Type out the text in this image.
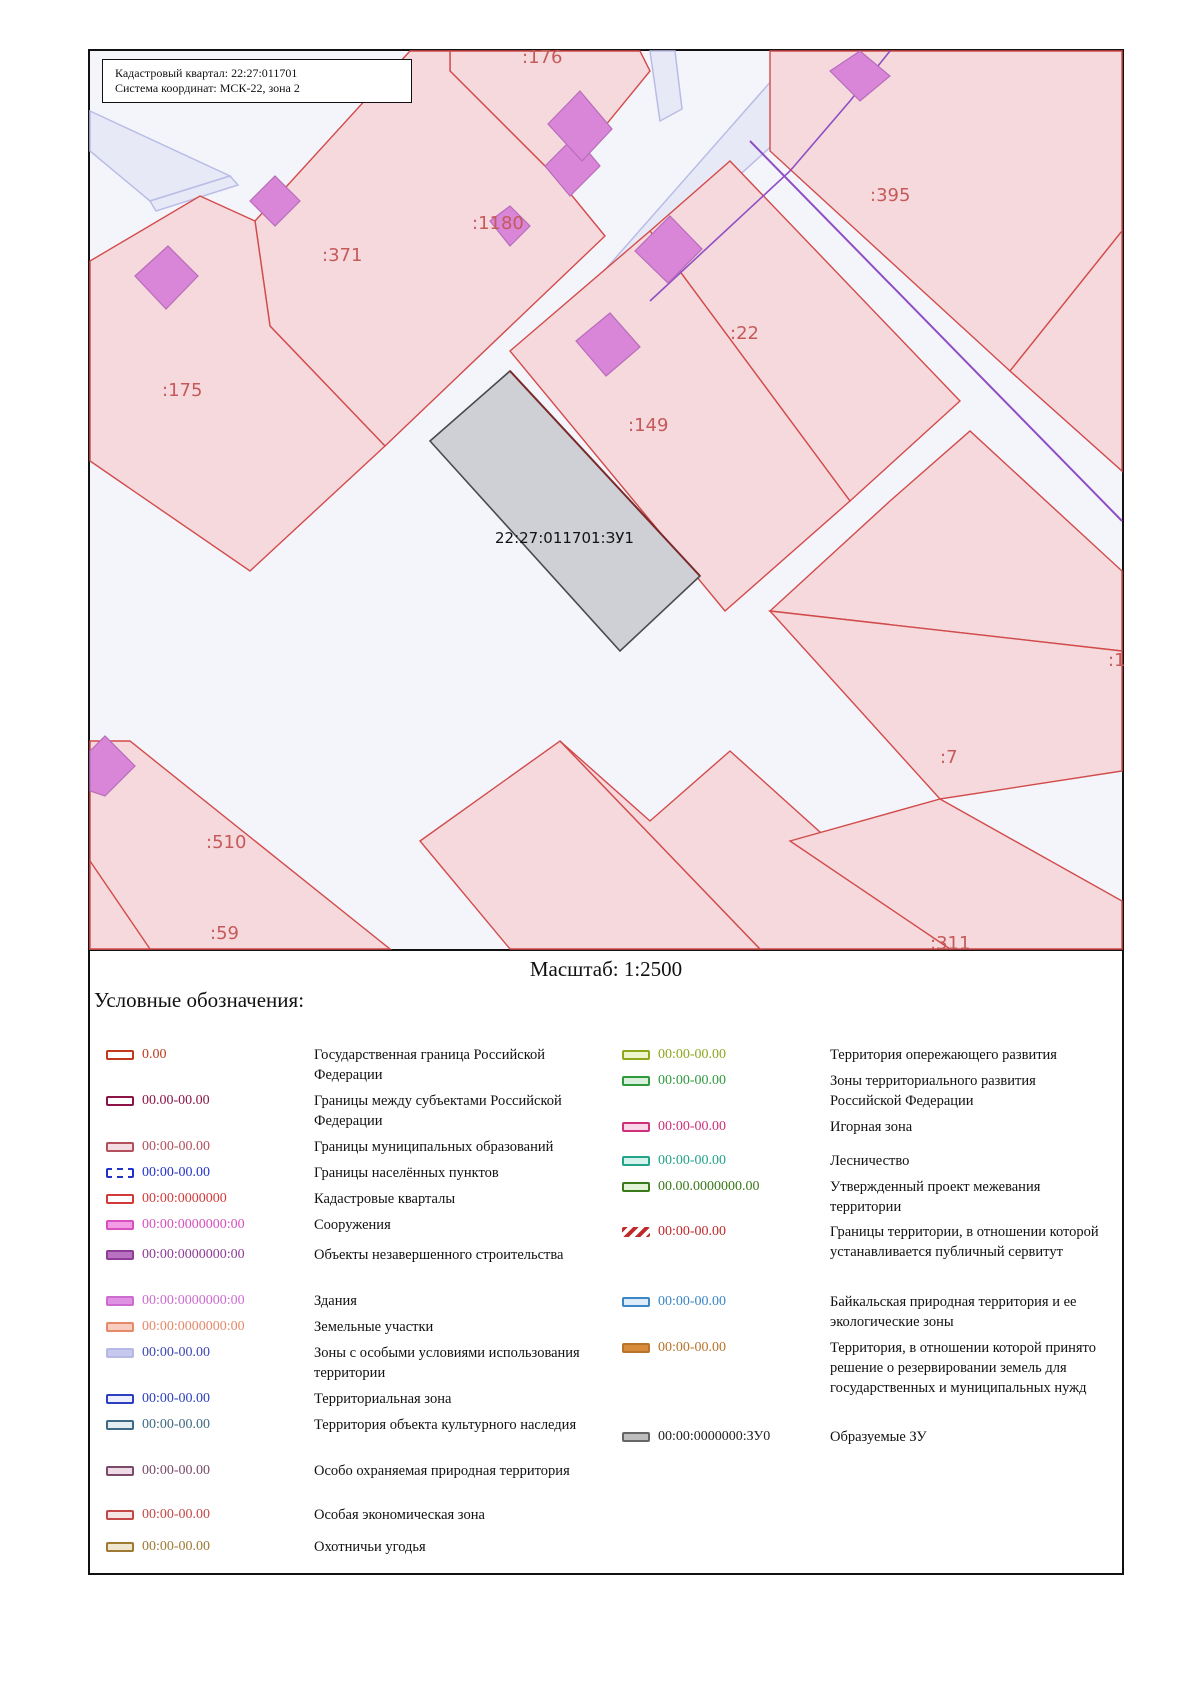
:176
:1180
:395
:371
:22
:175
:149
:1
:7
:510
:59	:311
22:27:011701:ЗУ1
Кадастровый квартал: 22:27:011701
Система координат: МСК-22, зона 2
Масштаб: 1:2500
Условные обозначения:
0.00	Государственная граница Российской Федерации
00.00-00.00	Границы между субъектами Российской Федерации
00:00-00.00	Границы муниципальных образований
00:00-00.00	Границы населённых пунктов
00:00:0000000	Кадастровые кварталы
00:00:0000000:00	Сооружения
00:00:0000000:00	Объекты незавершенного строительства
00:00:0000000:00	Здания
00:00:0000000:00	Земельные участки
00:00-00.00	Зоны с особыми условиями использования территории
00:00-00.00	Территориальная зона
00:00-00.00	Территория объекта культурного наследия
00:00-00.00	Особо охраняемая природная территория
00:00-00.00	Особая экономическая зона
00:00-00.00	Охотничьи угодья
00:00-00.00	Территория опережающего развития
00:00-00.00	Зоны территориального развития Российской Федерации
00:00-00.00	Игорная зона
00:00-00.00	Лесничество
00.00.0000000.00	Утвержденный проект межевания территории
00:00-00.00	Границы территории, в отношении которой устанавливается публичный сервитут
00:00-00.00	Байкальская природная территория и ее экологические зоны
00:00-00.00	Территория, в отношении которой принято решение о резервировании земель для государственных и муниципальных нужд
00:00:0000000:ЗУ0	Образуемые ЗУ
